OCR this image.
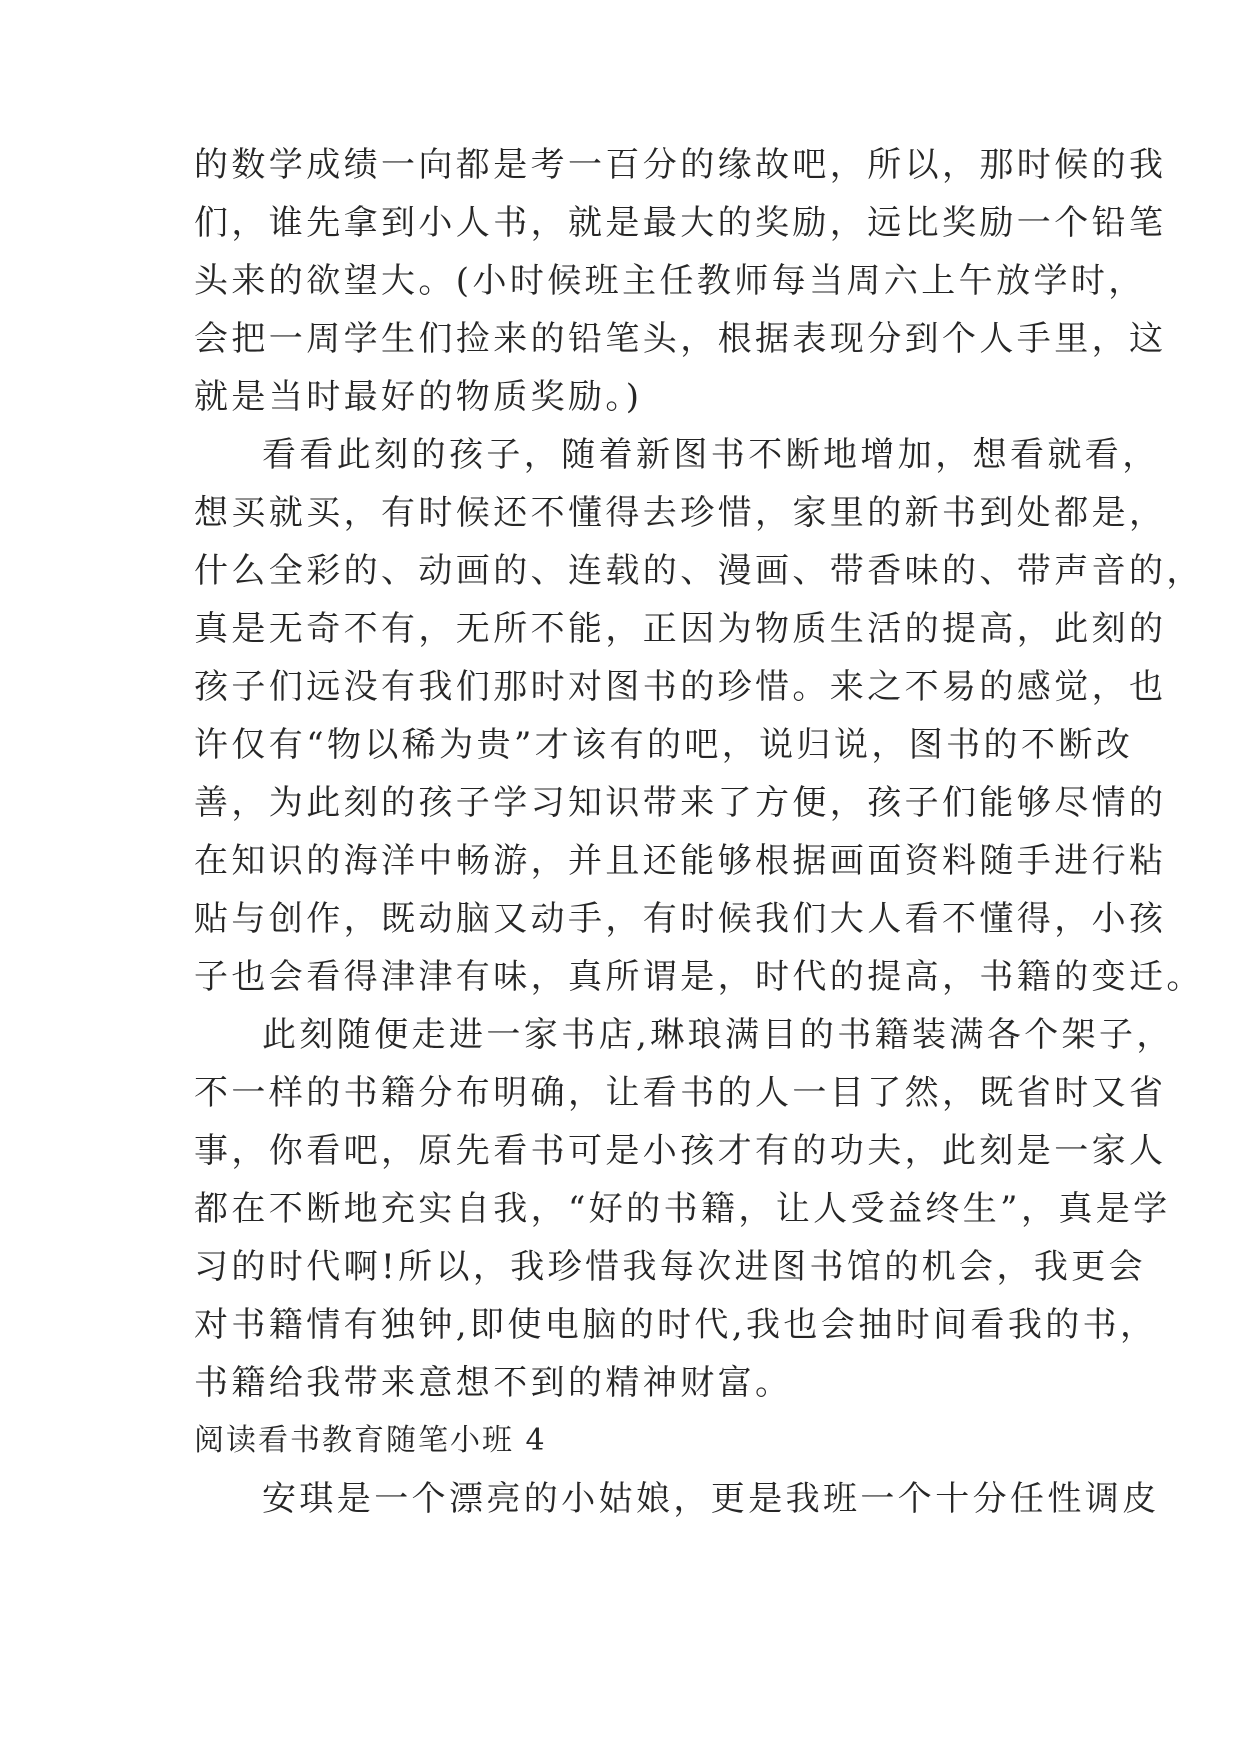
的数学成绩一向都是考一百分的缘故吧，所以，那时候的我
们，谁先拿到小人书，就是最大的奖励，远比奖励一个铅笔
头来的欲望大。(小时候班主任教师每当周六上午放学时，
会把一周学生们捡来的铅笔头，根据表现分到个人手里，这
就是当时最好的物质奖励。)
看看此刻的孩子，随着新图书不断地增加，想看就看，
想买就买，有时候还不懂得去珍惜，家里的新书到处都是，
什么全彩的、动画的、连载的、漫画、带香味的、带声音的，
真是无奇不有，无所不能，正因为物质生活的提高，此刻的
孩子们远没有我们那时对图书的珍惜。来之不易的感觉，也
许仅有“物以稀为贵”才该有的吧，说归说，图书的不断改
善，为此刻的孩子学习知识带来了方便，孩子们能够尽情的
在知识的海洋中畅游，并且还能够根据画面资料随手进行粘
贴与创作，既动脑又动手，有时候我们大人看不懂得，小孩
子也会看得津津有味，真所谓是，时代的提高，书籍的变迁。
此刻随便走进一家书店,琳琅满目的书籍装满各个架子，
不一样的书籍分布明确，让看书的人一目了然，既省时又省
事，你看吧，原先看书可是小孩才有的功夫，此刻是一家人
都在不断地充实自我，“好的书籍，让人受益终生”，真是学
习的时代啊!所以，我珍惜我每次进图书馆的机会，我更会
对书籍情有独钟,即使电脑的时代,我也会抽时间看我的书，
书籍给我带来意想不到的精神财富。
阅读看书教育随笔小班 4
安琪是一个漂亮的小姑娘，更是我班一个十分任性调皮
